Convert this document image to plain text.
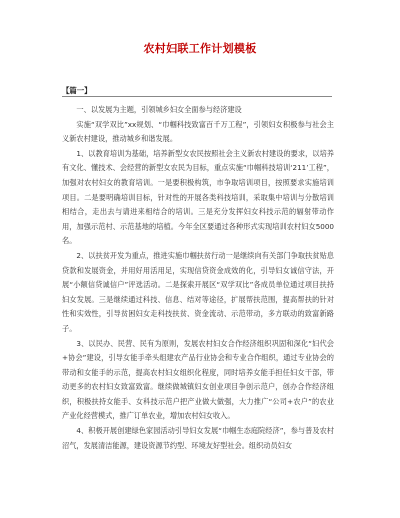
农村妇联工作计划模板
【篇一】

一、以发展为主题，引领城乡妇女全面参与经济建设

实施“双学双比”xx规划、“巾帼科技致富百千万工程”，引领妇女积极参与社会主义新农村建设，推动城乡和谐发展。

1、以教育培训为基础，培养新型女农民按照社会主义新农村建设的要求，以培养有文化、懂技术、会经营的新型女农民为目标，重点实施“巾帼科技培训‘211’工程”，加强对农村妇女的教育培训。一是要积极构筑，市争取培训项目，按照要求实施培训项目。二是要明确培训目标，针对性的开展各类科技培训，采取集中培训与分散培训相结合，走出去与请进来相结合的培训。三是充分发挥妇女科技示范的辐射带动作用，加强示范村、示范基地的培植。今年全区要通过各种形式实现培训农村妇女5000名。

2、以扶贫开发为重点，推进实施巾帼扶贫行动一是继续向有关部门争取扶贫贴息贷款和发展资金，并用好用活用足，实现信贷资金成效的化，引导妇女诚信守法，开展“小额信贷诚信户”评选活动。二是探索开展区“双学双比”各成员单位通过项目扶持妇女发展。三是继续通过科技、信息、结对等途径，扩展帮扶范围，提高帮扶的针对性和实效性，引导贫困妇女走科技扶贫、资金流动、示范带动，多方联动的致富新路子。

3、以民办、民营、民有为原则，发展农村妇女合作经济组织巩固和深化“妇代会+协会”建设，引导女能手牵头组建农产品行业协会和专业合作组织，通过专业协会的带动和女能手的示范，提高农村妇女组织化程度，同时培养女能手担任妇女干部，带动更多的农村妇女致富致富。继续做城镇妇女创业项目争创示范户，创办合作经济组织，积极扶持女能手、女科技示范户把产业做大做强，大力推广“公司+农户”的农业产业化经营模式，推广订单农业，增加农村妇女收入。

4、积极开展创建绿色家园活动引导妇女发展“巾帼生态庭院经济”，参与普及农村沼气，发展清洁能源，建设资源节约型、环境友好型社会。组织动员妇女
